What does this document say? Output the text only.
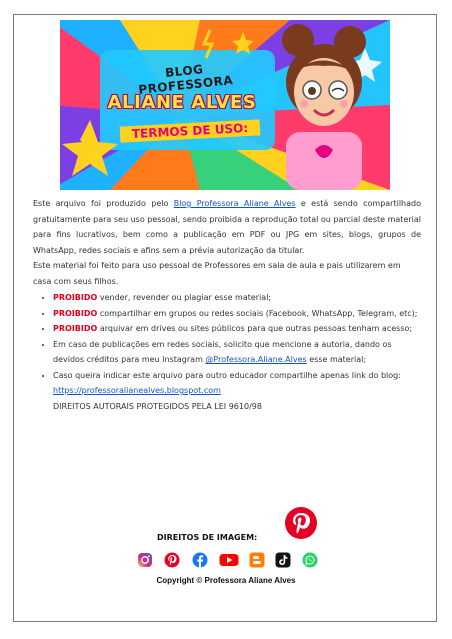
BLOG PROFESSORA
ALIANE ALVES
TERMOS DE USO:

Este arquivo foi produzido pelo Blog Professora Aliane Alves e está sendo compartilhado gratuitamente para seu uso pessoal, sendo proibida a reprodução total ou parcial deste material para fins lucrativos, bem como a publicação em PDF ou JPG em sites, blogs, grupos de WhatsApp, redes sociais e afins sem a prévia autorização da titular.

Este material foi feito para uso pessoal de Professores em sala de aula e pais utilizarem em casa com seus filhos.

• PROIBIDO vender, revender ou plagiar esse material;
• PROIBIDO compartilhar em grupos ou redes sociais (Facebook, WhatsApp, Telegram, etc);
• PROIBIDO arquivar em drives ou sites públicos para que outras pessoas tenham acesso;
• Em caso de publicações em redes sociais, solicito que mencione a autoria, dando os devidos créditos para meu Instagram @Professora.Aliane.Alves esse material;
• Caso queira indicar este arquivo para outro educador compartilhe apenas link do blog:
https://professoralianealves.blogspot.com
DIREITOS AUTORAIS PROTEGIDOS PELA LEI 9610/98
DIREITOS DE IMAGEM:
Copyright © Professora Aliane Alves
